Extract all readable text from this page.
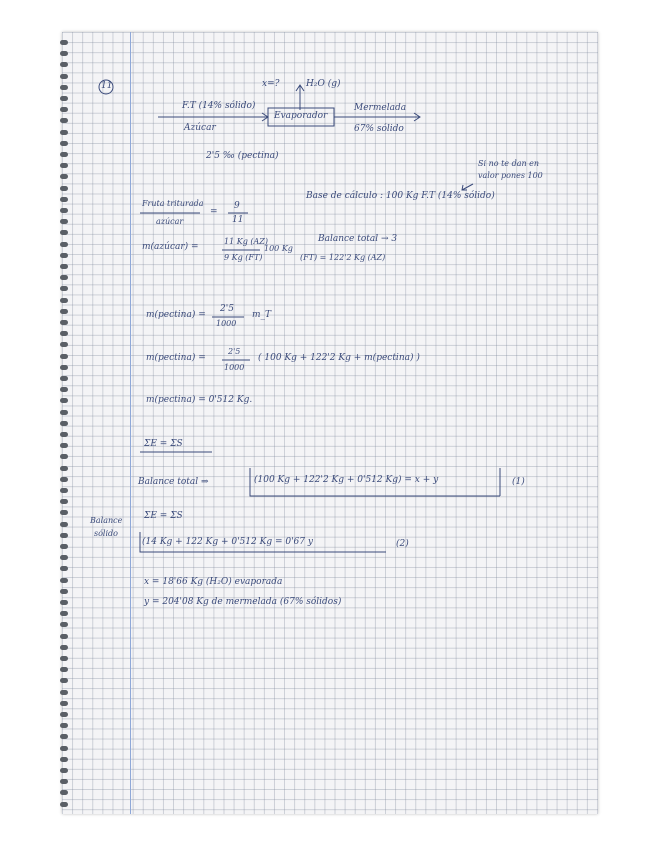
11	x=?	H₂O (g)
F.T (14% sólido)
Azúcar
2'5 ‰ (pectina)
Evaporador
Mermelada
67% sólido
Si no te dan en
valor pones 100
Base de cálculo : 100 Kg F.T (14% sólido)
Fruta triturada
azúcar
=
9
11
m(azúcar) =
11 Kg (AZ)
9 Kg (FT)
100 Kg
Balance total → 3
(FT) = 122'2 Kg (AZ)
m(pectina) =
2'5
1000
m_T
m(pectina) =
2'5
1000
( 100 Kg + 122'2 Kg + m(pectina) )
m(pectina) = 0'512 Kg.
ΣE = ΣS
Balance total ⇒	(100 Kg + 122'2 Kg + 0'512 Kg) = x + y	(1)
Balance
sólido
ΣE = ΣS
(14 Kg + 122 Kg + 0'512 Kg = 0'67 y	(2)
x = 18'66 Kg (H₂O) evaporada
y = 204'08 Kg de mermelada (67% sólidos)
